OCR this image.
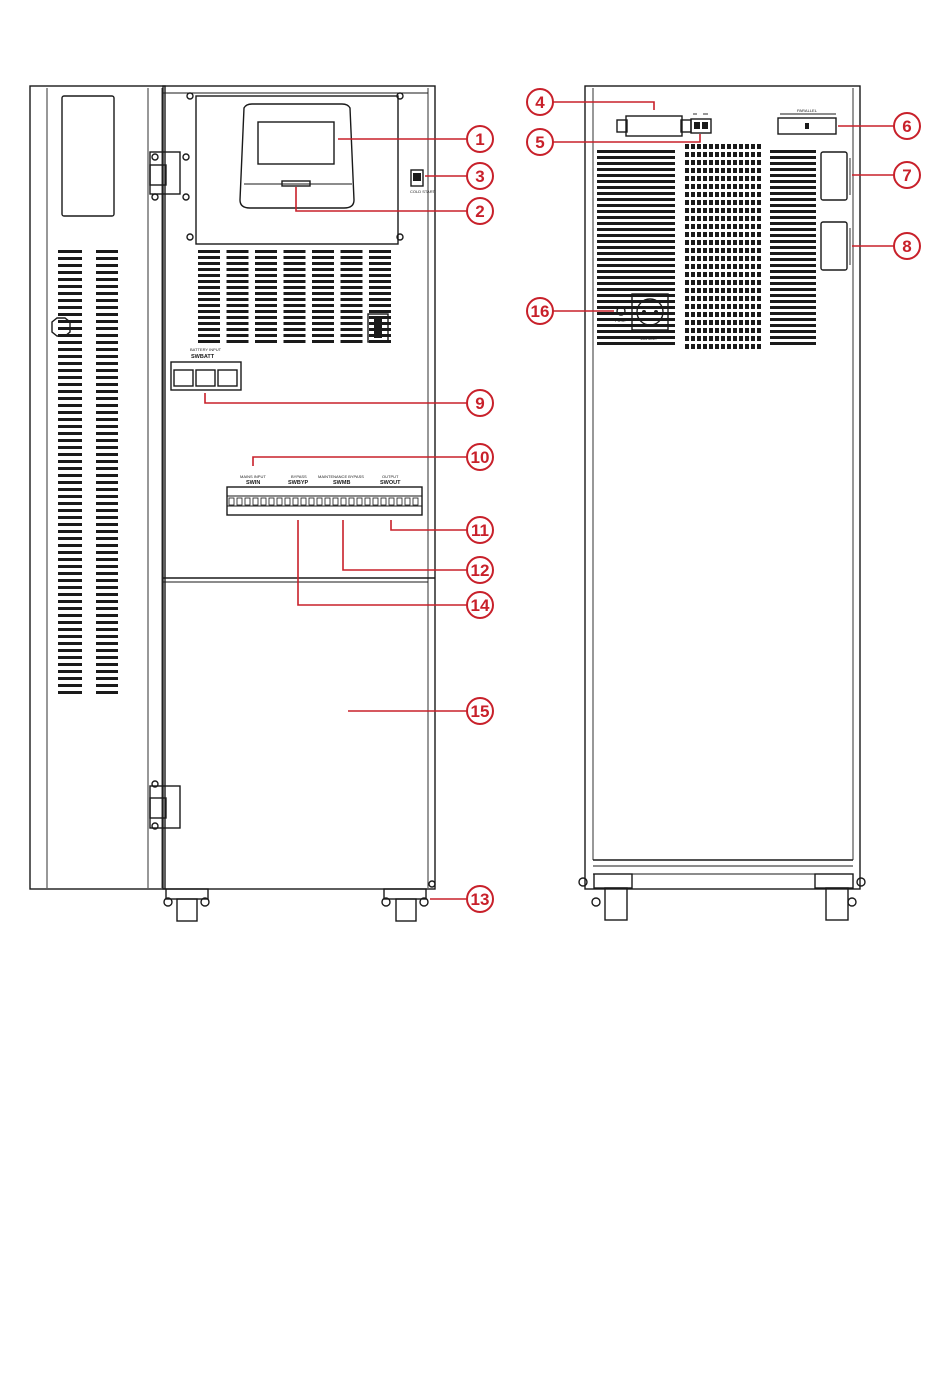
COLD START
BATTERY INPUT
SWBATT
MAINS INPUT
SWIN
BYPASS
SWBYP
MAINTENANCE BYPASS
SWMB
OUTPUT
SWOUT
PARALLEL
16A MAX
FUSE
1
2
3
4
5
6
7
8
9
10
11
12
13
14
15
16
